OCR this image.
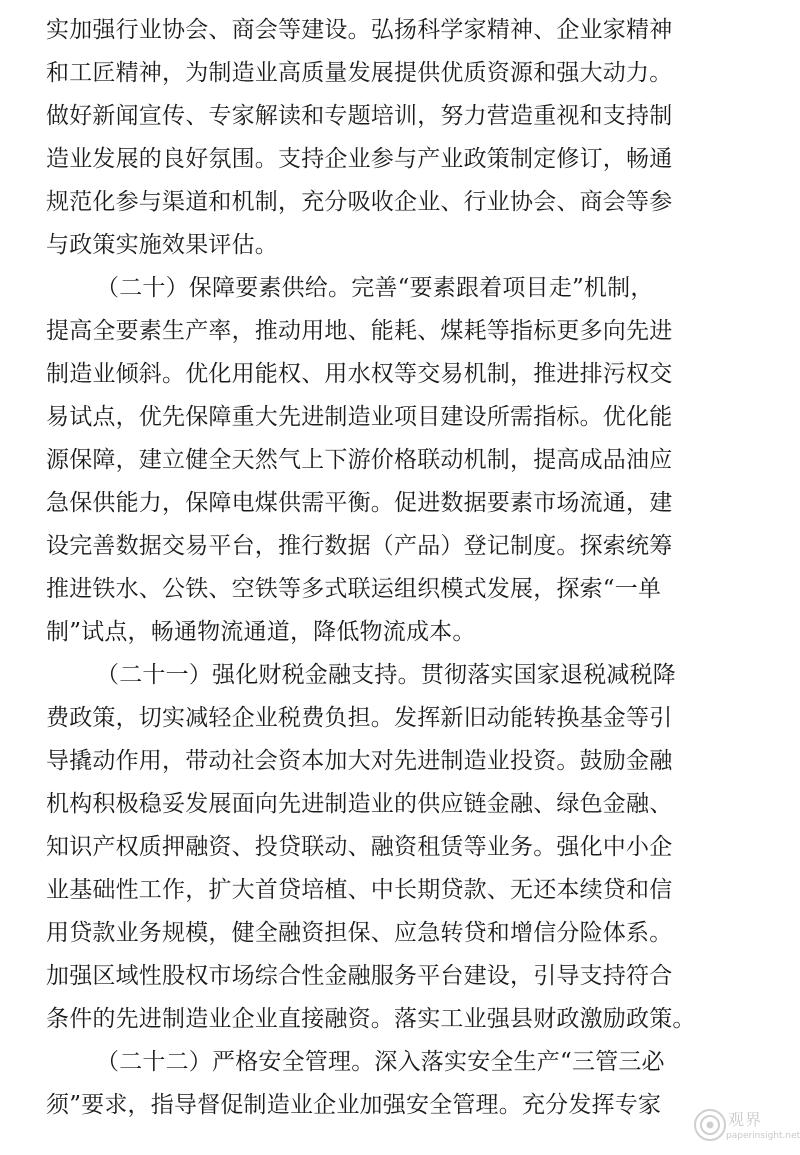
实加强行业协会、商会等建设。弘扬科学家精神、企业家精神
和工匠精神，为制造业高质量发展提供优质资源和强大动力。
做好新闻宣传、专家解读和专题培训，努力营造重视和支持制
造业发展的良好氛围。支持企业参与产业政策制定修订，畅通
规范化参与渠道和机制，充分吸收企业、行业协会、商会等参
与政策实施效果评估。
（二十）保障要素供给。完善“要素跟着项目走”机制，
提高全要素生产率，推动用地、能耗、煤耗等指标更多向先进
制造业倾斜。优化用能权、用水权等交易机制，推进排污权交
易试点，优先保障重大先进制造业项目建设所需指标。优化能
源保障，建立健全天然气上下游价格联动机制，提高成品油应
急保供能力，保障电煤供需平衡。促进数据要素市场流通，建
设完善数据交易平台，推行数据（产品）登记制度。探索统筹
推进铁水、公铁、空铁等多式联运组织模式发展，探索“一单
制”试点，畅通物流通道，降低物流成本。
（二十一）强化财税金融支持。贯彻落实国家退税减税降
费政策，切实减轻企业税费负担。发挥新旧动能转换基金等引
导撬动作用，带动社会资本加大对先进制造业投资。鼓励金融
机构积极稳妥发展面向先进制造业的供应链金融、绿色金融、
知识产权质押融资、投贷联动、融资租赁等业务。强化中小企
业基础性工作，扩大首贷培植、中长期贷款、无还本续贷和信
用贷款业务规模，健全融资担保、应急转贷和增信分险体系。
加强区域性股权市场综合性金融服务平台建设，引导支持符合
条件的先进制造业企业直接融资。落实工业强县财政激励政策。
（二十二）严格安全管理。深入落实安全生产“三管三必
须”要求，指导督促制造业企业加强安全管理。充分发挥专家
观界
paperinsight.net
